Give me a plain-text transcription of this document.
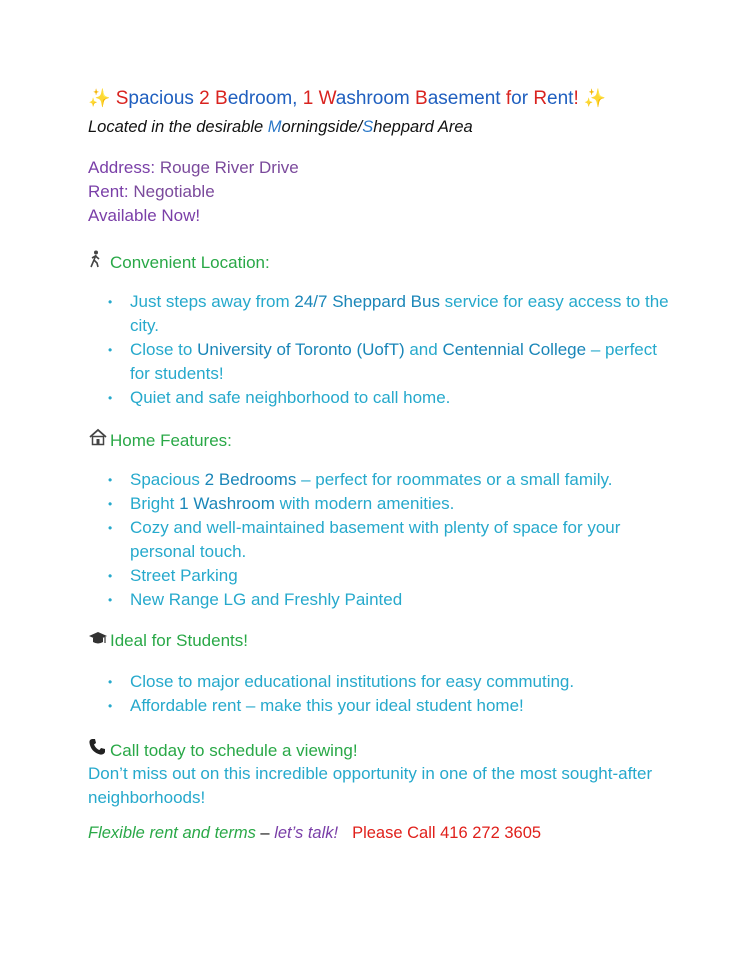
✨ Spacious 2 Bedroom, 1 Washroom Basement for Rent! ✨
Located in the desirable Morningside/Sheppard Area
Address: Rouge River Drive
Rent: Negotiable
Available Now!
Convenient Location:
• Just steps away from 24/7 Sheppard Bus service for easy access to the city.
• Close to University of Toronto (UofT) and Centennial College – perfect for students!
• Quiet and safe neighborhood to call home.
Home Features:
• Spacious 2 Bedrooms – perfect for roommates or a small family.
• Bright 1 Washroom with modern amenities.
• Cozy and well-maintained basement with plenty of space for your personal touch.
• Street Parking
• New Range LG and Freshly Painted
Ideal for Students!
• Close to major educational institutions for easy commuting.
• Affordable rent – make this your ideal student home!
Call today to schedule a viewing!
Don’t miss out on this incredible opportunity in one of the most sought-after neighborhoods!
Flexible rent and terms – let’s talk! Please Call 416 272 3605
